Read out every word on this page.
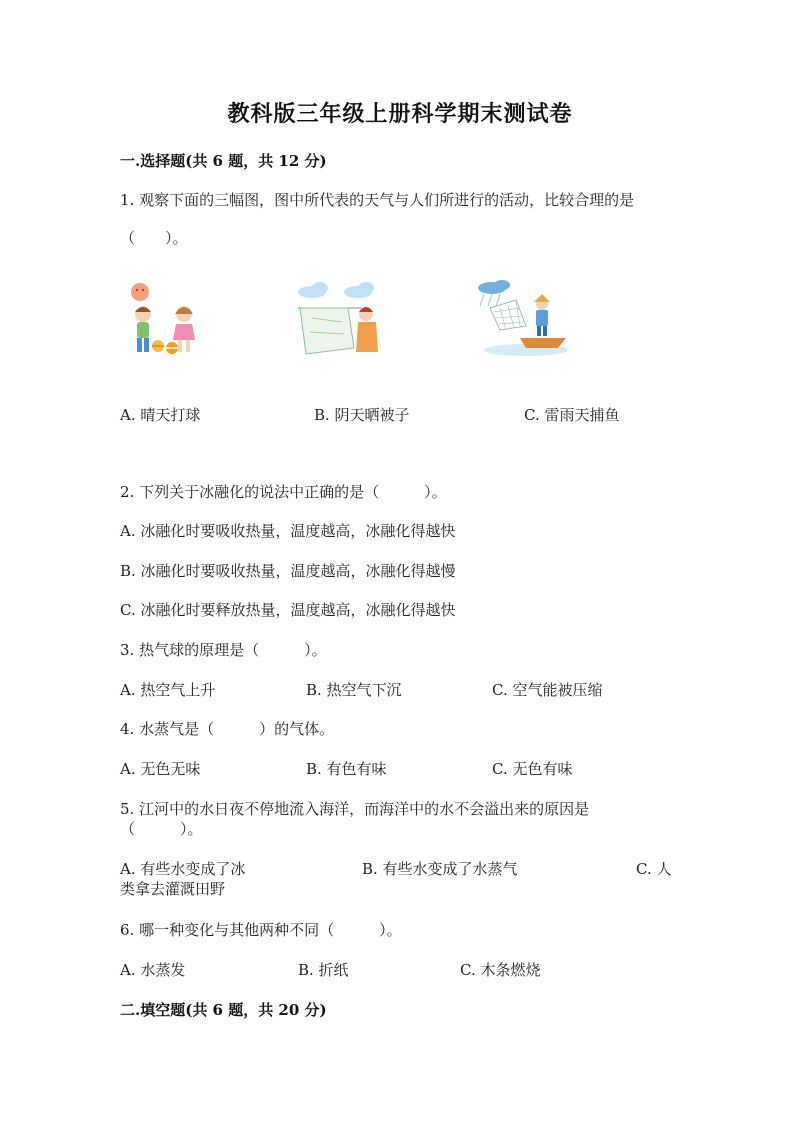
教科版三年级上册科学期末测试卷
一.选择题(共 6 题，共 12 分)
1. 观察下面的三幅图，图中所代表的天气与人们所进行的活动，比较合理的是
（　　）。
A. 晴天打球	B. 阴天晒被子	C. 雷雨天捕鱼
2. 下列关于冰融化的说法中正确的是（　　　）。
A. 冰融化时要吸收热量，温度越高，冰融化得越快
B. 冰融化时要吸收热量，温度越高，冰融化得越慢
C. 冰融化时要释放热量，温度越高，冰融化得越快
3. 热气球的原理是（　　　）。
A. 热空气上升	B. 热空气下沉	C. 空气能被压缩
4. 水蒸气是（　　　）的气体。
A. 无色无味	B. 有色有味	C. 无色有味
5. 江河中的水日夜不停地流入海洋，而海洋中的水不会溢出来的原因是
（　　　）。
A. 有些水变成了冰	B. 有些水变成了水蒸气	C. 人
类拿去灌溉田野
6. 哪一种变化与其他两种不同（　　　）。
A. 水蒸发	B. 折纸	C. 木条燃烧
二.填空题(共 6 题，共 20 分)
